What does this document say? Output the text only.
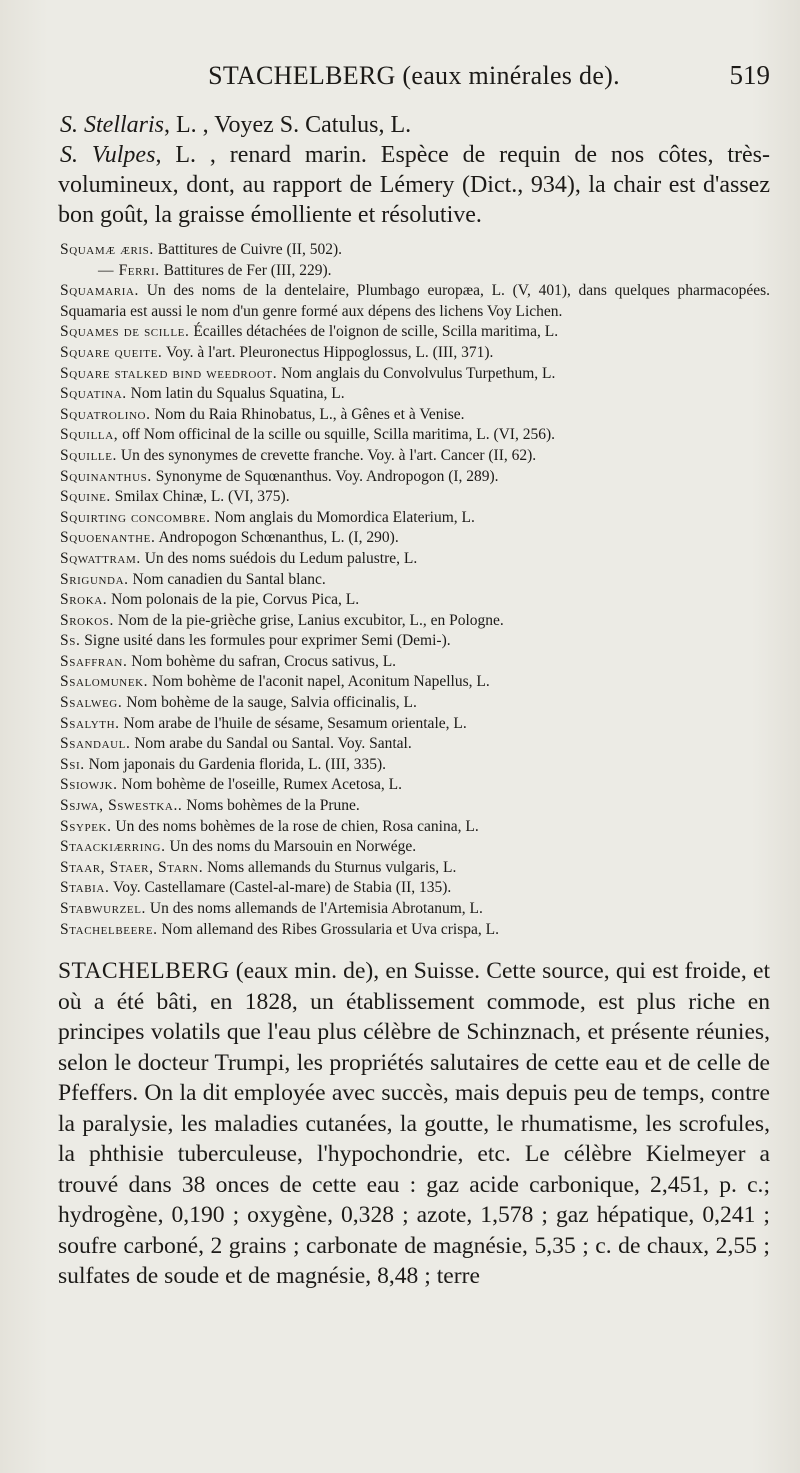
STACHELBERG (eaux minérales de).	519

S. Stellaris, L. , Voyez S. Catulus, L.

S. Vulpes, L. , renard marin. Espèce de requin de nos côtes, très-volumineux, dont, au rapport de Lémery (Dict., 934), la chair est d'assez bon goût, la graisse émolliente et résolutive.

Squamæ æris. Battitures de Cuivre (II, 502).
— Ferri. Battitures de Fer (III, 229).
Squamaria. Un des noms de la dentelaire, Plumbago europæa, L. (V, 401), dans quelques pharmacopées. Squamaria est aussi le nom d'un genre formé aux dépens des lichens Voy Lichen.
Squames de scille. Écailles détachées de l'oignon de scille, Scilla maritima, L.
Square queite. Voy. à l'art. Pleuronectus Hippoglossus, L. (III, 371).
Square stalked bind weedroot. Nom anglais du Convolvulus Turpethum, L.
Squatina. Nom latin du Squalus Squatina, L.
Squatrolino. Nom du Raia Rhinobatus, L., à Gênes et à Venise.
Squilla, off Nom officinal de la scille ou squille, Scilla maritima, L. (VI, 256).
Squille. Un des synonymes de crevette franche. Voy. à l'art. Cancer (II, 62).
Squinanthus. Synonyme de Squœnanthus. Voy. Andropogon (I, 289).
Squine. Smilax Chinæ, L. (VI, 375).
Squirting concombre. Nom anglais du Momordica Elaterium, L.
Squoenanthe. Andropogon Schœnanthus, L. (I, 290).
Sqwattram. Un des noms suédois du Ledum palustre, L.
Srigunda. Nom canadien du Santal blanc.
Sroka. Nom polonais de la pie, Corvus Pica, L.
Srokos. Nom de la pie-grièche grise, Lanius excubitor, L., en Pologne.
Ss. Signe usité dans les formules pour exprimer Semi (Demi-).
Ssaffran. Nom bohème du safran, Crocus sativus, L.
Ssalomunek. Nom bohème de l'aconit napel, Aconitum Napellus, L.
Ssalweg. Nom bohème de la sauge, Salvia officinalis, L.
Ssalyth. Nom arabe de l'huile de sésame, Sesamum orientale, L.
Ssandaul. Nom arabe du Sandal ou Santal. Voy. Santal.
Ssi. Nom japonais du Gardenia florida, L. (III, 335).
Ssiowjk. Nom bohème de l'oseille, Rumex Acetosa, L.
Ssjwa, Sswestka.. Noms bohèmes de la Prune.
Ssypek. Un des noms bohèmes de la rose de chien, Rosa canina, L.
Staackiærring. Un des noms du Marsouin en Norwége.
Staar, Staer, Starn. Noms allemands du Sturnus vulgaris, L.
Stabia. Voy. Castellamare (Castel-al-mare) de Stabia (II, 135).
Stabwurzel. Un des noms allemands de l'Artemisia Abrotanum, L.
Stachelbeere. Nom allemand des Ribes Grossularia et Uva crispa, L.

STACHELBERG (eaux min. de), en Suisse. Cette source, qui est froide, et où a été bâti, en 1828, un établissement commode, est plus riche en principes volatils que l'eau plus célèbre de Schinznach, et présente réunies, selon le docteur Trumpi, les propriétés salutaires de cette eau et de celle de Pfeffers. On la dit employée avec succès, mais depuis peu de temps, contre la paralysie, les maladies cutanées, la goutte, le rhumatisme, les scrofules, la phthisie tuberculeuse, l'hypochondrie, etc. Le célèbre Kielmeyer a trouvé dans 38 onces de cette eau : gaz acide carbonique, 2,451, p. c.; hydrogène, 0,190 ; oxygène, 0,328 ; azote, 1,578 ; gaz hépatique, 0,241 ; soufre carboné, 2 grains ; carbonate de magnésie, 5,35 ; c. de chaux, 2,55 ; sulfates de soude et de magnésie, 8,48 ; terre
